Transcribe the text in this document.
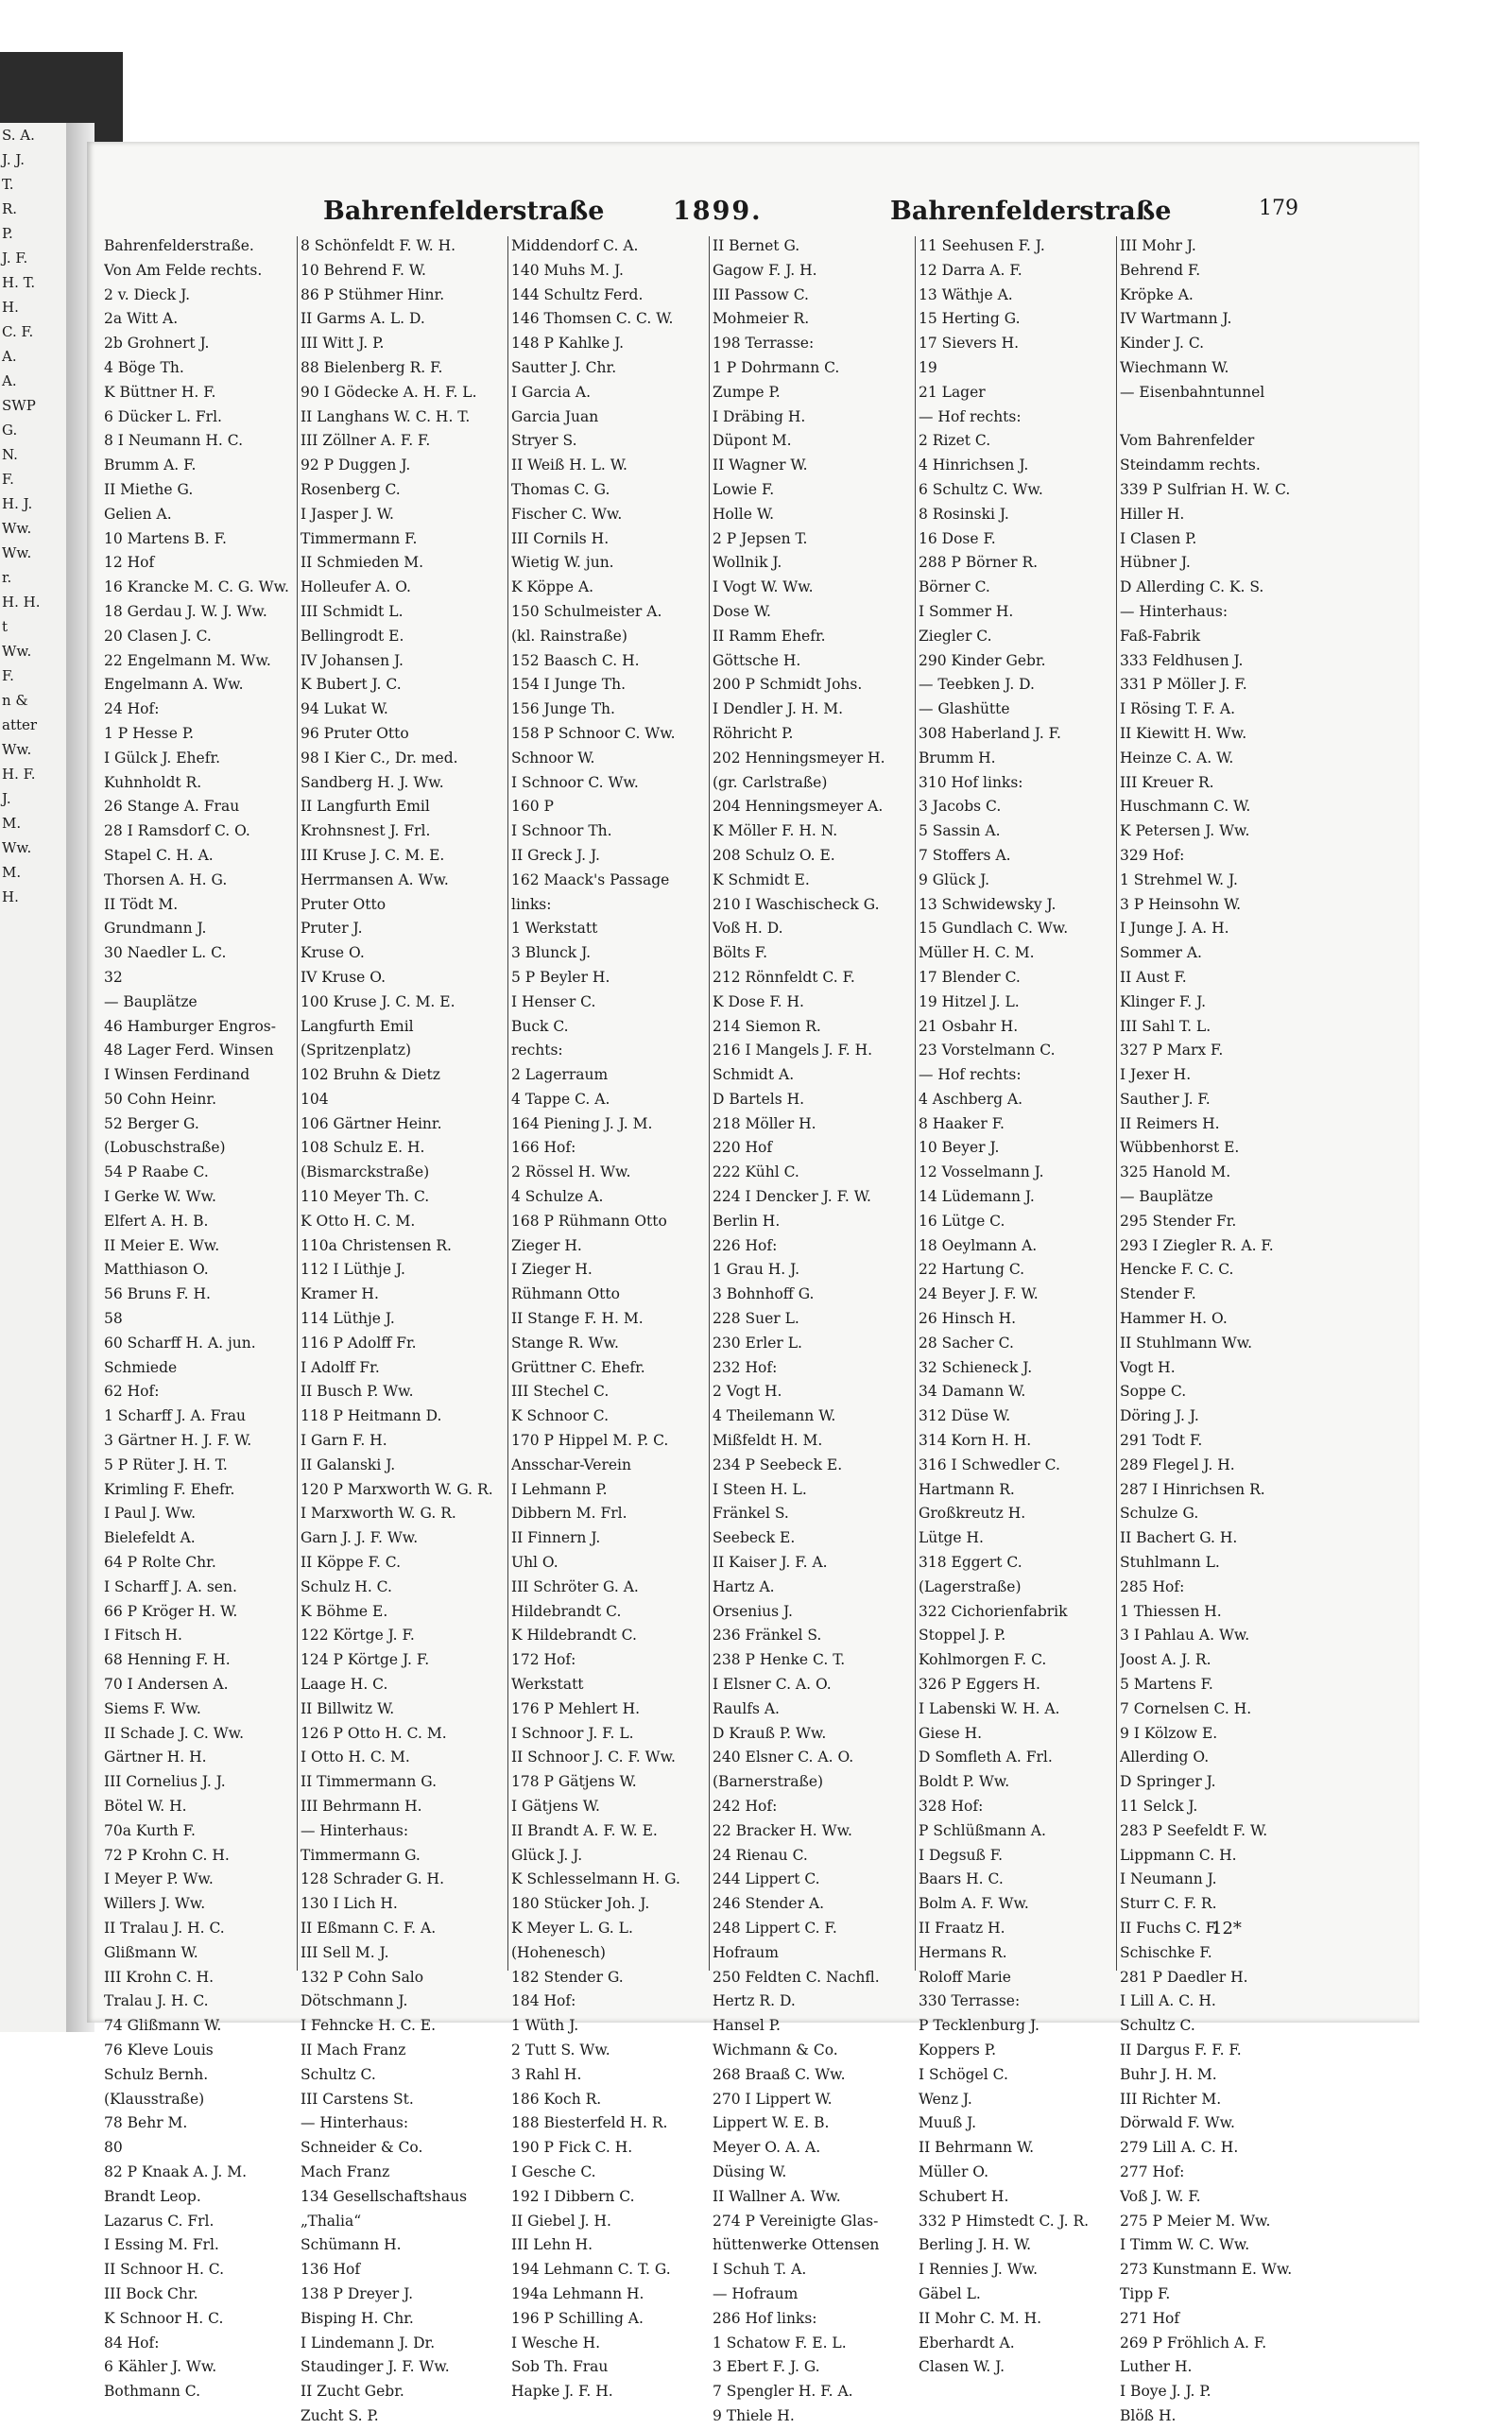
S. A.
J. J.
T.
R.
P.
J. F.
H. T.
H.
C. F.
A.
A.
SWP
G.
N.
F.
H. J.
Ww.
Ww.
r.
H. H.
t
Ww.
F.
n &
atter
Ww.
H. F.
J.
M.
Ww.
M.
H.
Bahrenfelderstraße	1899.	Bahrenfelderstraße	179
Bahrenfelderstraße.
Von Am Felde rechts.
2 v. Dieck J.
2a Witt A.
2b Grohnert J.
4 Böge Th.
K Büttner H. F.
6 Dücker L. Frl.
8 I Neumann H. C.
Brumm A. F.
II Miethe G.
Gelien A.
10 Martens B. F.
12 Hof
16 Krancke M. C. G. Ww.
18 Gerdau J. W. J. Ww.
20 Clasen J. C.
22 Engelmann M. Ww.
Engelmann A. Ww.
24 Hof:
1 P Hesse P.
I Gülck J. Ehefr.
Kuhnholdt R.
26 Stange A. Frau
28 I Ramsdorf C. O.
Stapel C. H. A.
Thorsen A. H. G.
II Tödt M.
Grundmann J.
30 Naedler L. C.
32
— Bauplätze
46 Hamburger Engros-
48 Lager Ferd. Winsen
I Winsen Ferdinand
50 Cohn Heinr.
52 Berger G.
(Lobuschstraße)
54 P Raabe C.
I Gerke W. Ww.
Elfert A. H. B.
II Meier E. Ww.
Matthiason O.
56 Bruns F. H.
58
60 Scharff H. A. jun.
Schmiede
62 Hof:
1 Scharff J. A. Frau
3 Gärtner H. J. F. W.
5 P Rüter J. H. T.
Krimling F. Ehefr.
I Paul J. Ww.
Bielefeldt A.
64 P Rolte Chr.
I Scharff J. A. sen.
66 P Kröger H. W.
I Fitsch H.
68 Henning F. H.
70 I Andersen A.
Siems F. Ww.
II Schade J. C. Ww.
Gärtner H. H.
III Cornelius J. J.
Bötel W. H.
70a Kurth F.
72 P Krohn C. H.
I Meyer P. Ww.
Willers J. Ww.
II Tralau J. H. C.
Glißmann W.
III Krohn C. H.
Tralau J. H. C.
74 Glißmann W.
76 Kleve Louis
Schulz Bernh.
(Klausstraße)
78 Behr M.
80
82 P Knaak A. J. M.
Brandt Leop.
Lazarus C. Frl.
I Essing M. Frl.
II Schnoor H. C.
III Bock Chr.
K Schnoor H. C.
84 Hof:
6 Kähler J. Ww.
Bothmann C.
8 Schönfeldt F. W. H.
10 Behrend F. W.
86 P Stühmer Hinr.
II Garms A. L. D.
III Witt J. P.
88 Bielenberg R. F.
90 I Gödecke A. H. F. L.
II Langhans W. C. H. T.
III Zöllner A. F. F.
92 P Duggen J.
Rosenberg C.
I Jasper J. W.
Timmermann F.
II Schmieden M.
Holleufer A. O.
III Schmidt L.
Bellingrodt E.
IV Johansen J.
K Bubert J. C.
94 Lukat W.
96 Pruter Otto
98 I Kier C., Dr. med.
Sandberg H. J. Ww.
II Langfurth Emil
Krohnsnest J. Frl.
III Kruse J. C. M. E.
Herrmansen A. Ww.
Pruter Otto
Pruter J.
Kruse O.
IV Kruse O.
100 Kruse J. C. M. E.
Langfurth Emil
(Spritzenplatz)
102 Bruhn & Dietz
104
106 Gärtner Heinr.
108 Schulz E. H.
(Bismarckstraße)
110 Meyer Th. C.
K Otto H. C. M.
110a Christensen R.
112 I Lüthje J.
Kramer H.
114 Lüthje J.
116 P Adolff Fr.
I Adolff Fr.
II Busch P. Ww.
118 P Heitmann D.
I Garn F. H.
II Galanski J.
120 P Marxworth W. G. R.
I Marxworth W. G. R.
Garn J. J. F. Ww.
II Köppe F. C.
Schulz H. C.
K Böhme E.
122 Körtge J. F.
124 P Körtge J. F.
Laage H. C.
II Billwitz W.
126 P Otto H. C. M.
I Otto H. C. M.
II Timmermann G.
III Behrmann H.
— Hinterhaus:
Timmermann G.
128 Schrader G. H.
130 I Lich H.
II Eßmann C. F. A.
III Sell M. J.
132 P Cohn Salo
Dötschmann J.
I Fehncke H. C. E.
II Mach Franz
Schultz C.
III Carstens St.
— Hinterhaus:
Schneider & Co.
Mach Franz
134 Gesellschaftshaus
„Thalia“
Schümann H.
136 Hof
138 P Dreyer J.
Bisping H. Chr.
I Lindemann J. Dr.
Staudinger J. F. Ww.
II Zucht Gebr.
Zucht S. P.
Middendorf C. A.
140 Muhs M. J.
144 Schultz Ferd.
146 Thomsen C. C. W.
148 P Kahlke J.
Sautter J. Chr.
I Garcia A.
Garcia Juan
Stryer S.
II Weiß H. L. W.
Thomas C. G.
Fischer C. Ww.
III Cornils H.
Wietig W. jun.
K Köppe A.
150 Schulmeister A.
(kl. Rainstraße)
152 Baasch C. H.
154 I Junge Th.
156 Junge Th.
158 P Schnoor C. Ww.
Schnoor W.
I Schnoor C. Ww.
160 P
I Schnoor Th.
II Greck J. J.
162 Maack's Passage
links:
1 Werkstatt
3 Blunck J.
5 P Beyler H.
I Henser C.
Buck C.
rechts:
2 Lagerraum
4 Tappe C. A.
164 Piening J. J. M.
166 Hof:
2 Rössel H. Ww.
4 Schulze A.
168 P Rühmann Otto
Zieger H.
I Zieger H.
Rühmann Otto
II Stange F. H. M.
Stange R. Ww.
Grüttner C. Ehefr.
III Stechel C.
K Schnoor C.
170 P Hippel M. P. C.
Ansschar-Verein
I Lehmann P.
Dibbern M. Frl.
II Finnern J.
Uhl O.
III Schröter G. A.
Hildebrandt C.
K Hildebrandt C.
172 Hof:
Werkstatt
176 P Mehlert H.
I Schnoor J. F. L.
II Schnoor J. C. F. Ww.
178 P Gätjens W.
I Gätjens W.
II Brandt A. F. W. E.
Glück J. J.
K Schlesselmann H. G.
180 Stücker Joh. J.
K Meyer L. G. L.
(Hohenesch)
182 Stender G.
184 Hof:
1 Wüth J.
2 Tutt S. Ww.
3 Rahl H.
186 Koch R.
188 Biesterfeld H. R.
190 P Fick C. H.
I Gesche C.
192 I Dibbern C.
II Giebel J. H.
III Lehn H.
194 Lehmann C. T. G.
194a Lehmann H.
196 P Schilling A.
I Wesche H.
Sob Th. Frau
Hapke J. F. H.
II Bernet G.
Gagow F. J. H.
III Passow C.
Mohmeier R.
198 Terrasse:
1 P Dohrmann C.
Zumpe P.
I Dräbing H.
Düpont M.
II Wagner W.
Lowie F.
Holle W.
2 P Jepsen T.
Wollnik J.
I Vogt W. Ww.
Dose W.
II Ramm Ehefr.
Göttsche H.
200 P Schmidt Johs.
I Dendler J. H. M.
Röhricht P.
202 Henningsmeyer H.
(gr. Carlstraße)
204 Henningsmeyer A.
K Möller F. H. N.
208 Schulz O. E.
K Schmidt E.
210 I Waschischeck G.
Voß H. D.
Bölts F.
212 Rönnfeldt C. F.
K Dose F. H.
214 Siemon R.
216 I Mangels J. F. H.
Schmidt A.
D Bartels H.
218 Möller H.
220 Hof
222 Kühl C.
224 I Dencker J. F. W.
Berlin H.
226 Hof:
1 Grau H. J.
3 Bohnhoff G.
228 Suer L.
230 Erler L.
232 Hof:
2 Vogt H.
4 Theilemann W.
Mißfeldt H. M.
234 P Seebeck E.
I Steen H. L.
Fränkel S.
Seebeck E.
II Kaiser J. F. A.
Hartz A.
Orsenius J.
236 Fränkel S.
238 P Henke C. T.
I Elsner C. A. O.
Raulfs A.
D Krauß P. Ww.
240 Elsner C. A. O.
(Barnerstraße)
242 Hof:
22 Bracker H. Ww.
24 Rienau C.
244 Lippert C.
246 Stender A.
248 Lippert C. F.
Hofraum
250 Feldten C. Nachfl.
Hertz R. D.
Hansel P.
Wichmann & Co.
268 Braaß C. Ww.
270 I Lippert W.
Lippert W. E. B.
Meyer O. A. A.
Düsing W.
II Wallner A. Ww.
274 P Vereinigte Glas-
hüttenwerke Ottensen
I Schuh T. A.
— Hofraum
286 Hof links:
1 Schatow F. E. L.
3 Ebert F. J. G.
7 Spengler H. F. A.
9 Thiele H.
11 Seehusen F. J.
12 Darra A. F.
13 Wäthje A.
15 Herting G.
17 Sievers H.
19
21 Lager
— Hof rechts:
2 Rizet C.
4 Hinrichsen J.
6 Schultz C. Ww.
8 Rosinski J.
16 Dose F.
288 P Börner R.
Börner C.
I Sommer H.
Ziegler C.
290 Kinder Gebr.
— Teebken J. D.
— Glashütte
308 Haberland J. F.
Brumm H.
310 Hof links:
3 Jacobs C.
5 Sassin A.
7 Stoffers A.
9 Glück J.
13 Schwidewsky J.
15 Gundlach C. Ww.
Müller H. C. M.
17 Blender C.
19 Hitzel J. L.
21 Osbahr H.
23 Vorstelmann C.
— Hof rechts:
4 Aschberg A.
8 Haaker F.
10 Beyer J.
12 Vosselmann J.
14 Lüdemann J.
16 Lütge C.
18 Oeylmann A.
22 Hartung C.
24 Beyer J. F. W.
26 Hinsch H.
28 Sacher C.
32 Schieneck J.
34 Damann W.
312 Düse W.
314 Korn H. H.
316 I Schwedler C.
Hartmann R.
Großkreutz H.
Lütge H.
318 Eggert C.
(Lagerstraße)
322 Cichorienfabrik
Stoppel J. P.
Kohlmorgen F. C.
326 P Eggers H.
I Labenski W. H. A.
Giese H.
D Somfleth A. Frl.
Boldt P. Ww.
328 Hof:
P Schlüßmann A.
I Degsuß F.
Baars H. C.
Bolm A. F. Ww.
II Fraatz H.
Hermans R.
Roloff Marie
330 Terrasse:
P Tecklenburg J.
Koppers P.
I Schögel C.
Wenz J.
Muuß J.
II Behrmann W.
Müller O.
Schubert H.
332 P Himstedt C. J. R.
Berling J. H. W.
I Rennies J. Ww.
Gäbel L.
II Mohr C. M. H.
Eberhardt A.
Clasen W. J.
III Mohr J.
Behrend F.
Kröpke A.
IV Wartmann J.
Kinder J. C.
Wiechmann W.
— Eisenbahntunnel
Vom Bahrenfelder
Steindamm rechts.
339 P Sulfrian H. W. C.
Hiller H.
I Clasen P.
Hübner J.
D Allerding C. K. S.
— Hinterhaus:
Faß-Fabrik
333 Feldhusen J.
331 P Möller J. F.
I Rösing T. F. A.
II Kiewitt H. Ww.
Heinze C. A. W.
III Kreuer R.
Huschmann C. W.
K Petersen J. Ww.
329 Hof:
1 Strehmel W. J.
3 P Heinsohn W.
I Junge J. A. H.
Sommer A.
II Aust F.
Klinger F. J.
III Sahl T. L.
327 P Marx F.
I Jexer H.
Sauther J. F.
II Reimers H.
Wübbenhorst E.
325 Hanold M.
— Bauplätze
295 Stender Fr.
293 I Ziegler R. A. F.
Hencke F. C. C.
Stender F.
Hammer H. O.
II Stuhlmann Ww.
Vogt H.
Soppe C.
Döring J. J.
291 Todt F.
289 Flegel J. H.
287 I Hinrichsen R.
Schulze G.
II Bachert G. H.
Stuhlmann L.
285 Hof:
1 Thiessen H.
3 I Pahlau A. Ww.
Joost A. J. R.
5 Martens F.
7 Cornelsen C. H.
9 I Kölzow E.
Allerding O.
D Springer J.
11 Selck J.
283 P Seefeldt F. W.
Lippmann C. H.
I Neumann J.
Sturr C. F. R.
II Fuchs C. F.
Schischke F.
281 P Daedler H.
I Lill A. C. H.
Schultz C.
II Dargus F. F. F.
Buhr J. H. M.
III Richter M.
Dörwald F. Ww.
279 Lill A. C. H.
277 Hof:
Voß J. W. F.
275 P Meier M. Ww.
I Timm W. C. Ww.
273 Kunstmann E. Ww.
Tipp F.
271 Hof
269 P Fröhlich A. F.
Luther H.
I Boye J. J. P.
Blöß H.
12*
